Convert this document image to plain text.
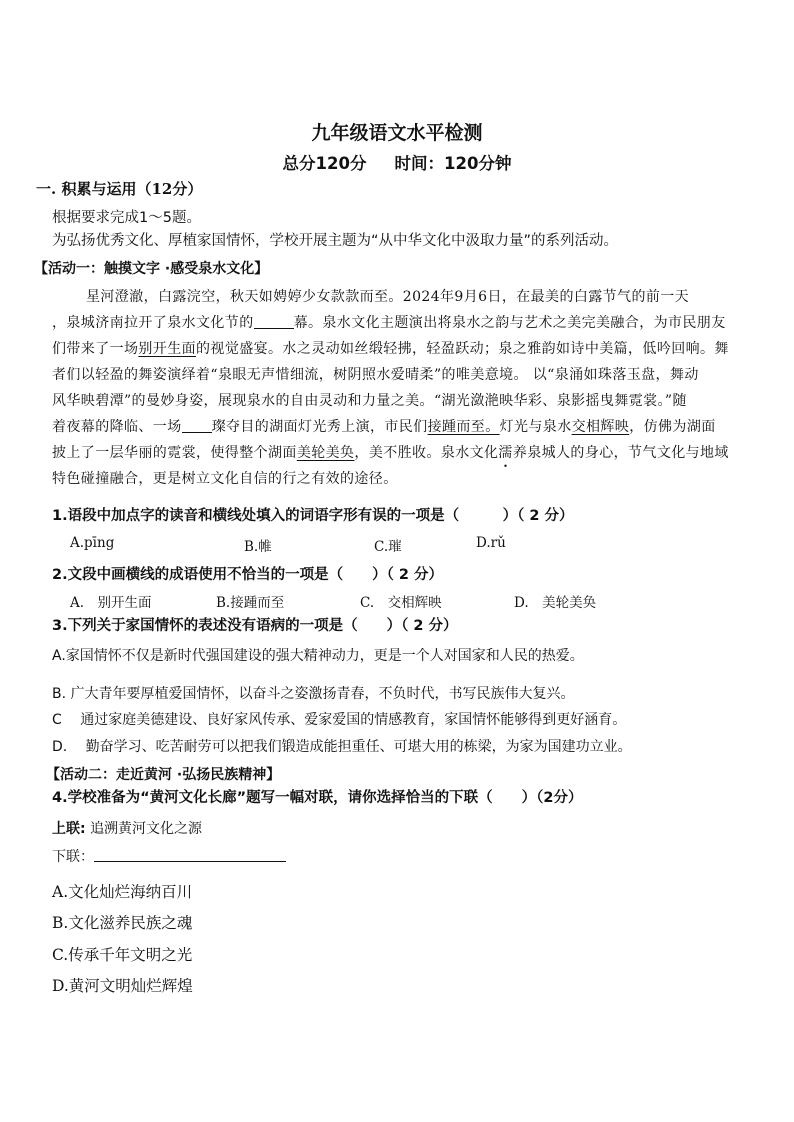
九年级语文水平检测
总分120分 时间：120分钟
一. 积累与运用（12分）
根据要求完成1～5题。
为弘扬优秀文化、厚植家国情怀，学校开展主题为“从中华文化中汲取力量”的系列活动。
【活动一：触摸文字 ·感受泉水文化】
星河澄澈，白露浣空，秋天如娉婷少女款款而至。2024年9月6日，在最美的白露节气的前一天
，泉城济南拉开了泉水文化节的	幕。泉水文化主题演出将泉水之韵与艺术之美完美融合，为市民朋友
们带来了一场别开生面的视觉盛宴。水之灵动如丝缎轻拂，轻盈跃动；泉之雅韵如诗中美篇，低吟回响。舞
者们以轻盈的舞姿演绎着“泉眼无声惜细流，树阴照水爱晴柔”的唯美意境。 以“泉涌如珠落玉盘，舞动
风华映碧潭”的曼妙身姿，展现泉水的自由灵动和力量之美。“湖光潋滟映华彩、泉影摇曳舞霓裳。”随
着夜幕的降临、一场 璨夺目的湖面灯光秀上演，市民们接踵而至。灯光与泉水交相辉映，仿佛为湖面
披上了一层华丽的霓裳，使得整个湖面美轮美奂，美不胜收。泉水文化濡养泉城人的身心，节气文化与地域
特色碰撞融合，更是树立文化自信的行之有效的途径。
1.语段中加点字的读音和横线处填入的词语字形有误的一项是（　　　）（ 2 分）
A.pīng	B.帷	C.璀	D.rǔ
2.文段中画横线的成语使用不恰当的一项是（　　）（ 2 分）
A.　别开生面	B.接踵而至	C.　交相辉映	D.　美轮美奂
3.下列关于家国情怀的表述没有语病的一项是（　　）（ 2 分）
A.家国情怀不仅是新时代强国建设的强大精神动力，更是一个人对国家和人民的热爱。
B. 广大青年要厚植爱国情怀，以奋斗之姿激扬青春，不负时代，书写民族伟大复兴。
C　 通过家庭美德建设、良好家风传承、爱家爱国的情感教育，家国情怀能够得到更好涵育。
D.　 勤奋学习、吃苦耐劳可以把我们锻造成能担重任、可堪大用的栋梁，为家为国建功立业。
【活动二：走近黄河 ·弘扬民族精神】
4.学校准备为“黄河文化长廊”题写一幅对联，请你选择恰当的下联（　　）（2分）
上联: 追溯黄河文化之源
下联：
A.文化灿烂海纳百川
B.文化滋养民族之魂
C.传承千年文明之光
D.黄河文明灿烂辉煌
